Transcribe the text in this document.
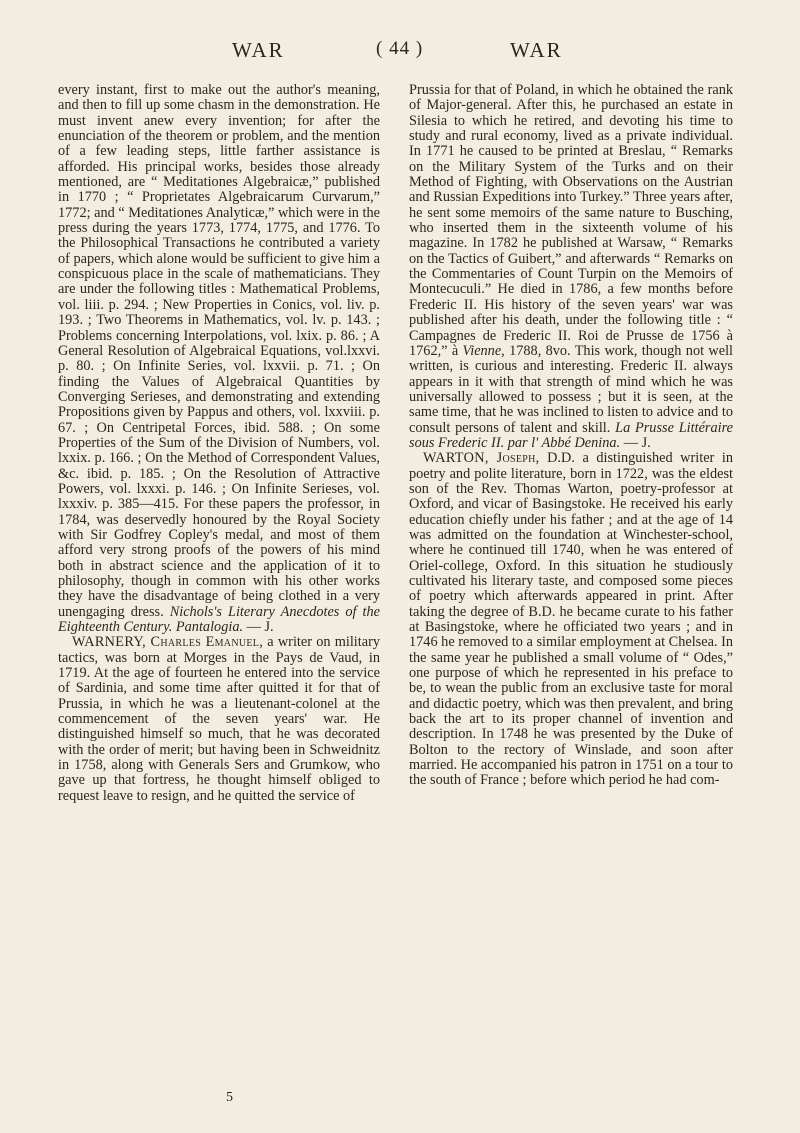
WAR	( 44 )	WAR

every instant, first to make out the author's meaning, and then to fill up some chasm in the demonstration. He must invent anew every invention; for after the enunciation of the theorem or problem, and the mention of a few leading steps, little farther assistance is afforded. His principal works, besides those already mentioned, are “ Meditationes Algebraicæ,” published in 1770 ; “ Proprietates Algebraicarum Curvarum,” 1772; and “ Meditationes Analyticæ,” which were in the press during the years 1773, 1774, 1775, and 1776. To the Philosophical Transactions he contributed a variety of papers, which alone would be sufficient to give him a conspicuous place in the scale of mathematicians. They are under the following titles : Mathematical Problems, vol. liii. p. 294. ; New Properties in Conics, vol. liv. p. 193. ; Two Theorems in Mathematics, vol. lv. p. 143. ; Problems concerning Interpolations, vol. lxix. p. 86. ; A General Resolution of Algebraical Equations, vol.lxxvi. p. 80. ; On Infinite Series, vol. lxxvii. p. 71. ; On finding the Values of Algebraical Quantities by Converging Serieses, and demonstrating and extending Propositions given by Pappus and others, vol. lxxviii. p. 67. ; On Centripetal Forces, ibid. 588. ; On some Properties of the Sum of the Division of Numbers, vol. lxxix. p. 166. ; On the Method of Correspondent Values, &c. ibid. p. 185. ; On the Resolution of Attractive Powers, vol. lxxxi. p. 146. ; On Infinite Serieses, vol. lxxxiv. p. 385—415. For these papers the professor, in 1784, was deservedly honoured by the Royal Society with Sir Godfrey Copley's medal, and most of them afford very strong proofs of the powers of his mind both in abstract science and the application of it to philosophy, though in common with his other works they have the disadvantage of being clothed in a very unengaging dress. Nichols's Literary Anecdotes of the Eighteenth Century. Pantalogia. — J.

WARNERY, Charles Emanuel, a writer on military tactics, was born at Morges in the Pays de Vaud, in 1719. At the age of fourteen he entered into the service of Sardinia, and some time after quitted it for that of Prussia, in which he was a lieutenant-colonel at the commencement of the seven years' war. He distinguished himself so much, that he was decorated with the order of merit; but having been in Schweidnitz in 1758, along with Generals Sers and Grumkow, who gave up that fortress, he thought himself obliged to request leave to resign, and he quitted the service of

Prussia for that of Poland, in which he obtained the rank of Major-general. After this, he purchased an estate in Silesia to which he retired, and devoting his time to study and rural economy, lived as a private individual. In 1771 he caused to be printed at Breslau, “ Remarks on the Military System of the Turks and on their Method of Fighting, with Observations on the Austrian and Russian Expeditions into Turkey.” Three years after, he sent some memoirs of the same nature to Busching, who inserted them in the sixteenth volume of his magazine. In 1782 he published at Warsaw, “ Remarks on the Tactics of Guibert,” and afterwards “ Remarks on the Commentaries of Count Turpin on the Memoirs of Montecuculi.” He died in 1786, a few months before Frederic II. His history of the seven years' war was published after his death, under the following title : “ Campagnes de Frederic II. Roi de Prusse de 1756 à 1762,” à Vienne, 1788, 8vo. This work, though not well written, is curious and interesting. Frederic II. always appears in it with that strength of mind which he was universally allowed to possess ; but it is seen, at the same time, that he was inclined to listen to advice and to consult persons of talent and skill. La Prusse Littéraire sous Frederic II. par l' Abbé Denina. — J.

WARTON, Joseph, D.D. a distinguished writer in poetry and polite literature, born in 1722, was the eldest son of the Rev. Thomas Warton, poetry-professor at Oxford, and vicar of Basingstoke. He received his early education chiefly under his father ; and at the age of 14 was admitted on the foundation at Winchester-school, where he continued till 1740, when he was entered of Oriel-college, Oxford. In this situation he studiously cultivated his literary taste, and composed some pieces of poetry which afterwards appeared in print. After taking the degree of B.D. he became curate to his father at Basingstoke, where he officiated two years ; and in 1746 he removed to a similar employment at Chelsea. In the same year he published a small volume of “ Odes,” one purpose of which he represented in his preface to be, to wean the public from an exclusive taste for moral and didactic poetry, which was then prevalent, and bring back the art to its proper channel of invention and description. In 1748 he was presented by the Duke of Bolton to the rectory of Winslade, and soon after married. He accompanied his patron in 1751 on a tour to the south of France ; before which period he had com-

5
